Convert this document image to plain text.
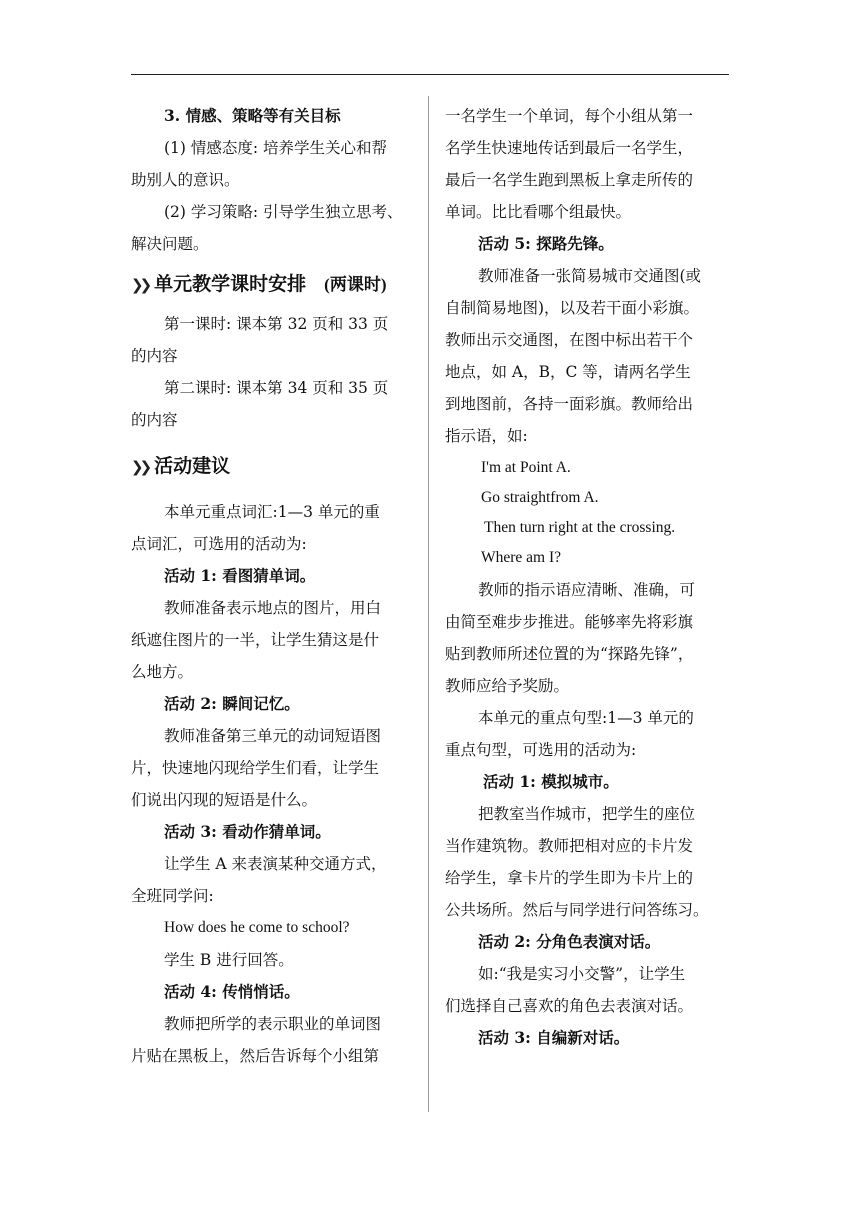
3. 情感、策略等有关目标
(1) 情感态度: 培养学生关心和帮
助别人的意识。
(2) 学习策略: 引导学生独立思考、
解决问题。
❯❯ 单元教学课时安排 (两课时)
第一课时: 课本第 32 页和 33 页
的内容
第二课时: 课本第 34 页和 35 页
的内容
❯❯ 活动建议
本单元重点词汇:1—3 单元的重
点词汇，可选用的活动为:
活动 1: 看图猜单词。
教师准备表示地点的图片，用白
纸遮住图片的一半，让学生猜这是什
么地方。
活动 2: 瞬间记忆。
教师准备第三单元的动词短语图
片，快速地闪现给学生们看，让学生
们说出闪现的短语是什么。
活动 3: 看动作猜单词。
让学生 A 来表演某种交通方式，
全班同学问:
How does he come to school?
学生 B 进行回答。
活动 4: 传悄悄话。
教师把所学的表示职业的单词图
片贴在黑板上，然后告诉每个小组第
一名学生一个单词，每个小组从第一
名学生快速地传话到最后一名学生，
最后一名学生跑到黑板上拿走所传的
单词。比比看哪个组最快。
活动 5: 探路先锋。
教师准备一张简易城市交通图(或
自制简易地图)，以及若干面小彩旗。
教师出示交通图，在图中标出若干个
地点，如 A，B，C 等，请两名学生
到地图前，各持一面彩旗。教师给出
指示语，如:
I'm at Point A.
Go straightfrom A.
Then turn right at the crossing.
Where am I?
教师的指示语应清晰、准确，可
由简至难步步推进。能够率先将彩旗
贴到教师所述位置的为“探路先锋”，
教师应给予奖励。
本单元的重点句型:1—3 单元的
重点句型，可选用的活动为:
活动 1: 模拟城市。
把教室当作城市，把学生的座位
当作建筑物。教师把相对应的卡片发
给学生，拿卡片的学生即为卡片上的
公共场所。然后与同学进行问答练习。
活动 2: 分角色表演对话。
如:“我是实习小交警”，让学生
们选择自己喜欢的角色去表演对话。
活动 3: 自编新对话。
